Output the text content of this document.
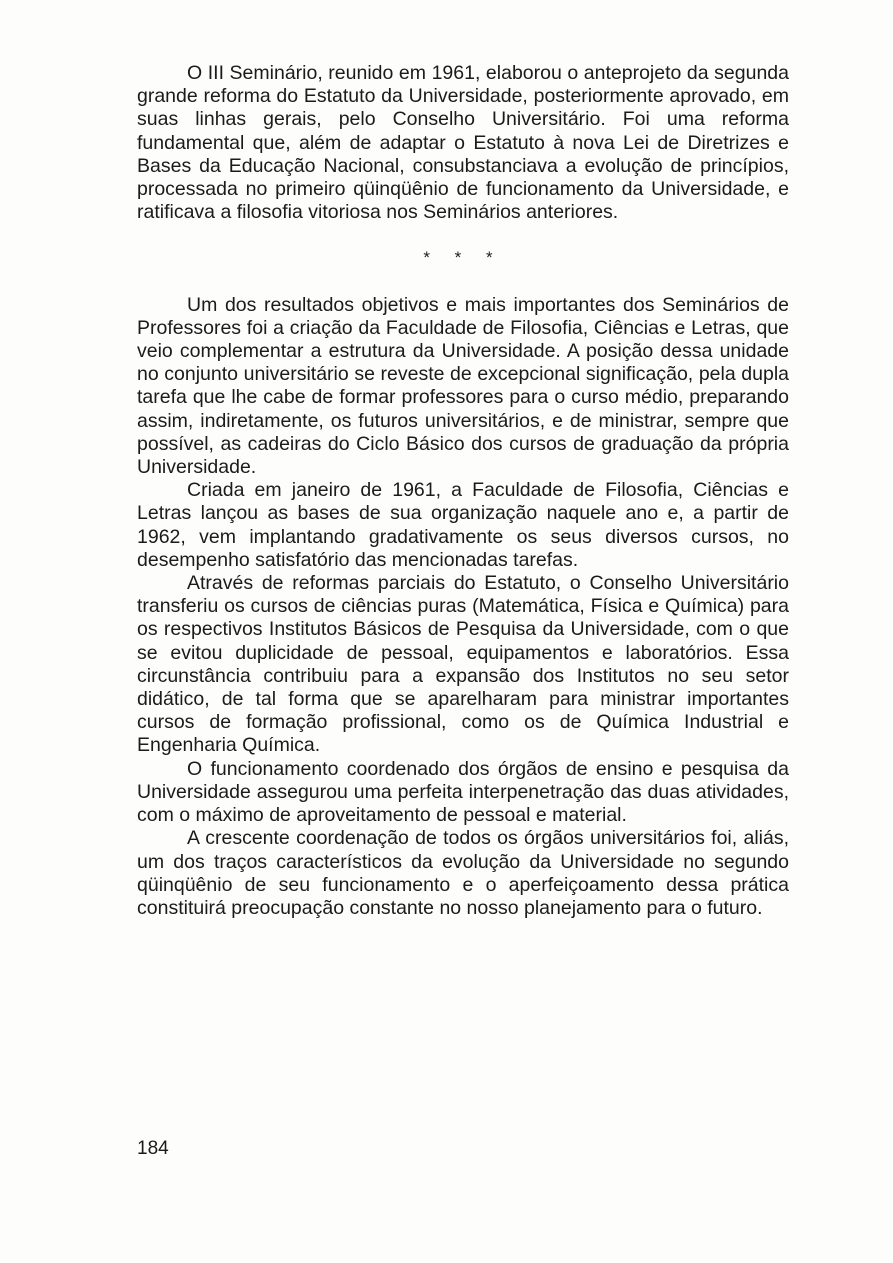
O III Seminário, reunido em 1961, elaborou o anteprojeto da segunda grande reforma do Estatuto da Universidade, posteriormente aprovado, em suas linhas gerais, pelo Conselho Universitário. Foi uma reforma fundamental que, além de adaptar o Estatuto à nova Lei de Diretrizes e Bases da Educação Nacional, consubstanciava a evolução de princípios, processada no primeiro qüinqüênio de funcionamento da Universidade, e ratificava a filosofia vitoriosa nos Seminários anteriores.

* * *

Um dos resultados objetivos e mais importantes dos Seminários de Professores foi a criação da Faculdade de Filosofia, Ciências e Letras, que veio complementar a estrutura da Universidade. A posição dessa unidade no conjunto universitário se reveste de excepcional significação, pela dupla tarefa que lhe cabe de formar professores para o curso médio, preparando assim, indiretamente, os futuros universitários, e de ministrar, sempre que possível, as cadeiras do Ciclo Básico dos cursos de graduação da própria Universidade.

Criada em janeiro de 1961, a Faculdade de Filosofia, Ciências e Letras lançou as bases de sua organização naquele ano e, a partir de 1962, vem implantando gradativamente os seus diversos cursos, no desempenho satisfatório das mencionadas tarefas.

Através de reformas parciais do Estatuto, o Conselho Universitário transferiu os cursos de ciências puras (Matemática, Física e Química) para os respectivos Institutos Básicos de Pesquisa da Universidade, com o que se evitou duplicidade de pessoal, equipamentos e laboratórios. Essa circunstância contribuiu para a expansão dos Institutos no seu setor didático, de tal forma que se aparelharam para ministrar importantes cursos de formação profissional, como os de Química Industrial e Engenharia Química.

O funcionamento coordenado dos órgãos de ensino e pesquisa da Universidade assegurou uma perfeita interpenetração das duas atividades, com o máximo de aproveitamento de pessoal e material.

A crescente coordenação de todos os órgãos universitários foi, aliás, um dos traços característicos da evolução da Universidade no segundo qüinqüênio de seu funcionamento e o aperfeiçoamento dessa prática constituirá preocupação constante no nosso planejamento para o futuro.

184
